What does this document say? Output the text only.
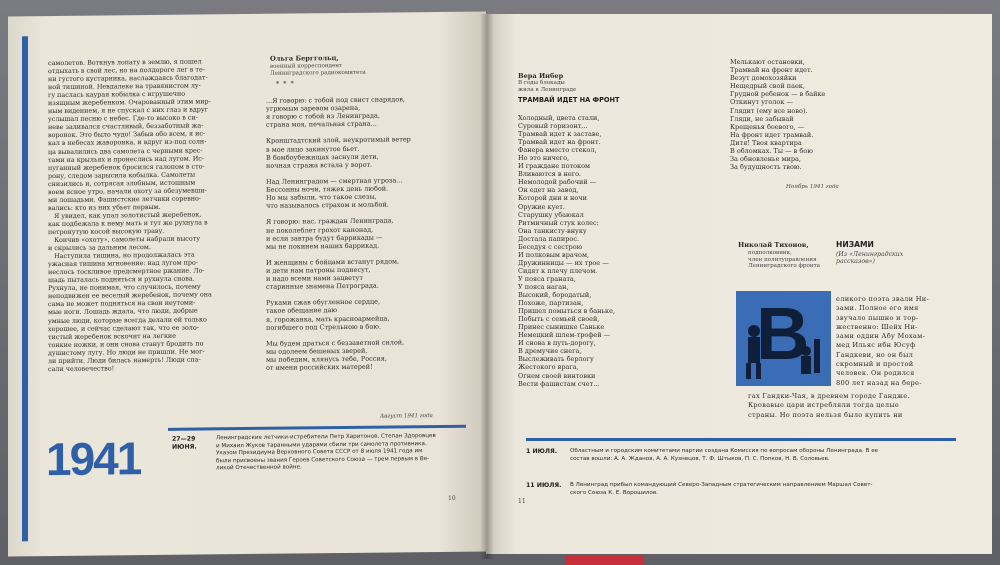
самолетов. Воткнув лопату в землю, я пошел
отдыхать в свой лес, но на полдороге лег в те-
ни густого кустарника, наслаждаясь благодат-
ной тишиной. Невдалеке на травянистом лу-
гу паслась каурая кобылка с игрушечно
изящным жеребенком. Очарованный этим мир-
ным видением, я не спускал с них глаз и вдруг
услышал песню с небес. Где-то высоко в си-
неве заливался счастливый, беззаботный жа-
воронок. Это было чудо! Забыв обо всем, я ис-
кал в небесах жаворонка, и вдруг из-под солн-
ца вывалились два самолета с черными крес-
тами на крыльях и пронеслись над лугом. Ис-
пуганный жеребенок бросился галопом в сто-
рону, следом зарысила кобылка. Самолеты
снизились и, сотрясая злобным, истошным
воем ясное утро, начали охоту за обезумевши-
ми лошадьми. Фашистские летчики соревно-
вались: кто из них убьет первым.
Я увидел, как упал золотистый жеребенок,
как подбежала к нему мать и тут же рухнула в
петронутую косой высокую траву.
Кончив «охоту», самолеты набрали высоту
и скрылись за дальним лесом.
Наступила тишина, но продолжалась эта
ужасная тишина мгновение: над лугом про-
неслось тоскливое предсмертное ржание. Ло-
шадь пыталась подняться и рухнула снова.
Рухнула, не понимая, что случилось, почему
неподвижен ее веселый жеребенок, почему она
сама не может подняться на свои неутоми-
мые ноги. Лошадь ждала, что люди, добрые
умные люди, которые всегда делали ей только
хорошее, и сейчас сделают так, что ее золо-
тистый жеребенок вскочит на легкие
тонкие ножки, и они снова станут бродить по
душистому лугу. Но люди не пришли. Не мог-
ли прийти. Люди билась намерть! Люди спа-
сали человечество!
Ольга Берггольц,
военный корреспондент
Ленинградского радиокомитета
* * *
...Я говорю: с тобой под свист снарядов,
угрюмым заревом озарена,
я говорю с тобой из Ленинграда,
страна моя, печальная страна...

Кронштадтский злой, неукротимый ветер
в мое лицо закинутое бьет.
В бомбоубежищах заснули дети,
ночная стража встала у ворот.

Над Ленинградом — смертная угроза...
Бессонны ночи, тяжек день любой.
Но мы забыли, что такое слезы,
что называлось страхом и мольбой.

Я говорю: нас, граждан Ленинграда,
не поколеблет грохот канонад,
и если завтра будут баррикады —
мы не покинем наших баррикад.

И женщины с бойцами встанут рядом,
и дети нам патроны поднесут,
и надо всеми нами зацветут
старинные знамена Петрограда.

Руками сжав обугленное сердце,
такое обещание даю
я, горожанка, мать красноармейца,
погибшего под Стрельною в бою.

Мы будем драться с беззаветной силой,
мы одолеем бешеных зверей,
мы победим, клянусь тебе, Россия,
от имени российских матерей!
Август 1941 года
1941	27—29
ИЮНЯ.
Ленинградские летчики-истребители Петр Харитонов, Степан Здоровцев
и Михаил Жуков таранными ударами сбили три самолета противника.
Указом Президиума Верховного Совета СССР от 8 июля 1941 года им
были присвоены звания Героев Советского Союза — трем первым в Ве-
ликой Отечественной войне.
10
Вера Инбер
В годы блокады
жила в Ленинграде
ТРАМВАЙ ИДЕТ НА ФРОНТ
Холодный, цвета стали,
Суровый горизонт...
Трамвай идет к заставе,
Трамвай идет на фронт.
Фанера вместо стекол,
Но это ничего,
И граждане потоком
Вливаются в него.
Немолодой рабочий —
Он едет на завод,
Которой дни и ночи
Оружие кует.
Старушку убаюкал
Ритмичный стук колес:
Она танкисту-внуку
Достала папирос.
Беседуя с сестрою
И полковым врачом,
Дружинницы — их трое —
Сидят к плечу плечом.
У пояса граната,
У пояса наган,
Высокий, бородатый,
Похоже, партизан,
Пришел помыться в баньке,
Побыть с семьей своей,
Принес сынишке Саньке
Немецкий шлем-трофей —
И снова в путь-дорогу,
В дремучие снега,
Выслеживать берлогу
Жестокого врага,
Огнем своей винтовки
Вести фашистам счет...
Мелькают остановки,
Трамвай на фронт идет.
Везут домохозяйки
Нещедрый свой паек,
Грудной ребенок — в байке
Откинут уголок —
Глядит (ему все ново).
Гляди, не забывай
Крещенья боевого, —
На фронт идет трамвай.
Дитя! Твоя квартира
В обломках. Ты — в бою
За обновленье мира,
За будущность твою.
Ноябрь 1941 года
Николай Тихонов,
подполковник,
член политуправления
Ленинградского фронта
НИЗАМИ
(Из «Ленинградских
рассказов»)
В	еликого поэта звали Ни-
зами. Полное его имя
звучало пышно и тор-
жественно: Шейх Ни-
зами оддин Абу Мохам-
мед Ильяс ибн Юсуф
Гандкеви, но он был
скромный и простой
человек. Он родился
800 лет назад на бере-
гах Гандки-Чая, в древнем городе Гандже.
Кровавые цари истребляли тогда целые
страны. Но поэта нельзя было купить ни
1 ИЮЛЯ. Областным и городским комитетами партии создана Комиссия по вопросам обороны Ленинграда. В ее
состав вошли: А. А. Жданов, А. А. Кузнецов, Т. Ф. Штыков, П. С. Попков, Н. В. Соловьев.
11 ИЮЛЯ. В Ленинград прибыл командующий Северо-Западным стратегическим направлением Маршал Совет-
ского Союза К. Е. Ворошилов.
11
